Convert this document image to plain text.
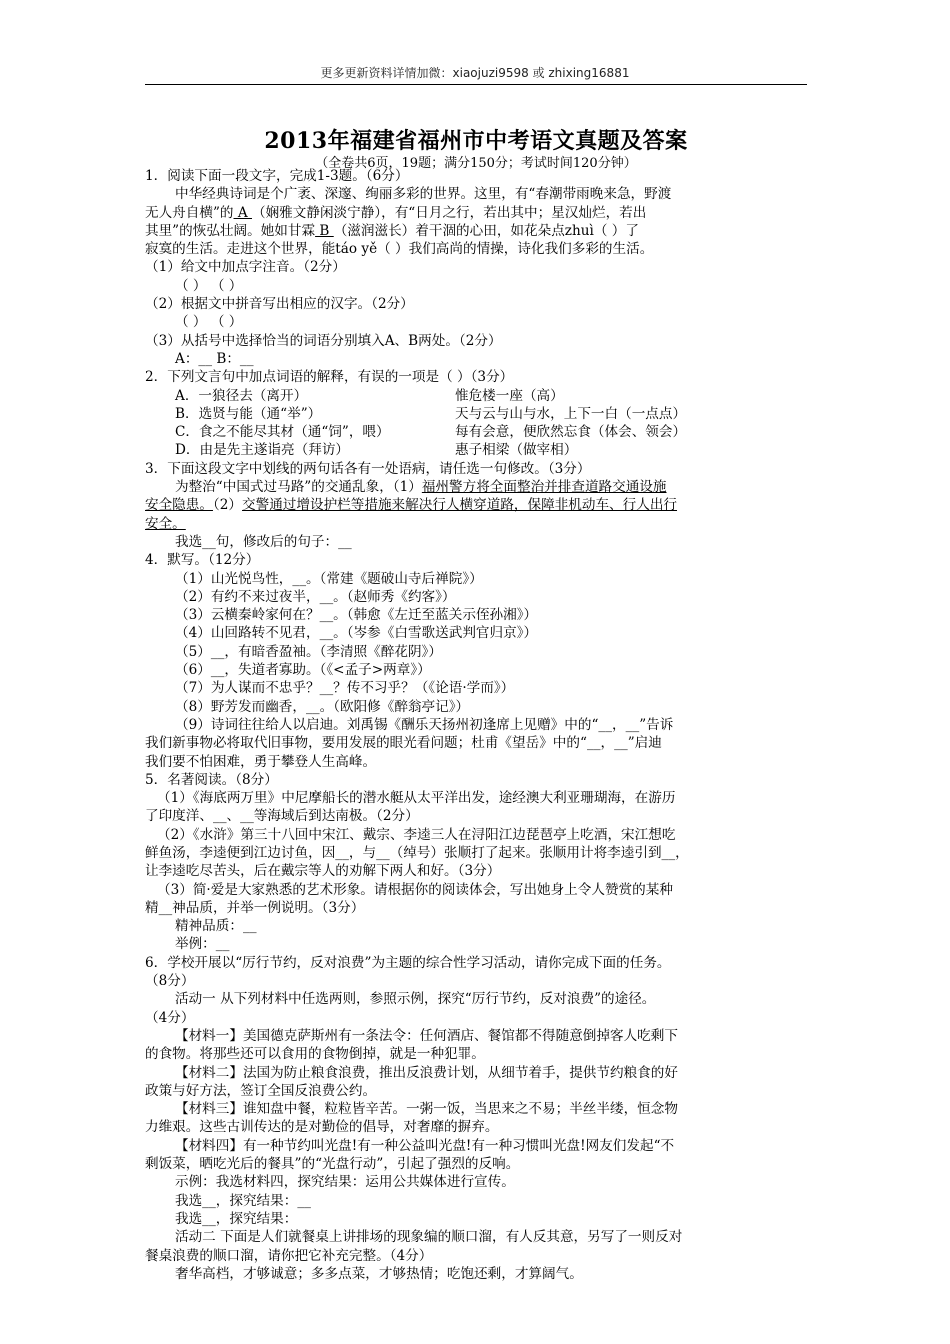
更多更新资料详情加微：xiaojuzi9598 或 zhixing16881
2013年福建省福州市中考语文真题及答案
（全卷共6页，19题；满分150分；考试时间120分钟）

1．阅读下面一段文字，完成1-3题。（6分）

中华经典诗词是个广袤、深邃、绚丽多彩的世界。这里，有“春潮带雨晚来急，野渡

无人舟自横”的 A （娴雅文静闲淡宁静），有“日月之行，若出其中；星汉灿烂，若出

其里”的恢弘壮阔。她如甘霖 B （滋润滋长）着干涸的心田，如花朵点zhuì（ ）了

寂寞的生活。走进这个世界，能táo yě（ ）我们高尚的情操，诗化我们多彩的生活。

（1）给文中加点字注音。（2分）

（ ） （ ）

（2）根据文中拼音写出相应的汉字。（2分）

（ ） （ ）

（3）从括号中选择恰当的词语分别填入A、B两处。（2分）

A：__ B：__

2．下列文言句中加点词语的解释，有误的一项是（ ）（3分）

A．一狼径去（离开）	惟危楼一座（高）

B．选贤与能（通“举”）	天与云与山与水，上下一白（一点点）

C．食之不能尽其材（通“饲”，喂）	每有会意，便欣然忘食（体会、领会）

D．由是先主遂诣亮（拜访）	惠子相梁（做宰相）

3．下面这段文字中划线的两句话各有一处语病，请任选一句修改。（3分）

为整治“中国式过马路”的交通乱象，（1）福州警方将全面整治并排查道路交通设施

安全隐患。（2）交警通过增设护栏等措施来解决行人横穿道路，保障非机动车、行人出行

安全。

我选__句，修改后的句子：__

4．默写。（12分）

（1）山光悦鸟性，__。（常建《题破山寺后禅院》）

（2）有约不来过夜半，__。（赵师秀《约客》）

（3）云横秦岭家何在？__。（韩愈《左迁至蓝关示侄孙湘》）

（4）山回路转不见君，__。（岑参《白雪歌送武判官归京》）

（5）__，有暗香盈袖。（李清照《醉花阴》）

（6）__，失道者寡助。（《<孟子>两章》）

（7）为人谋而不忠乎？__？传不习乎？（《论语·学而》）

（8）野芳发而幽香，__。（欧阳修《醉翁亭记》）

（9）诗词往往给人以启迪。刘禹锡《酬乐天扬州初逢席上见赠》中的“__，__”告诉

我们新事物必将取代旧事物，要用发展的眼光看问题；杜甫《望岳》中的“__，__”启迪

我们要不怕困难，勇于攀登人生高峰。

5．名著阅读。（8分）

（1）《海底两万里》中尼摩船长的潜水艇从太平洋出发，途经澳大利亚珊瑚海，在游历

了印度洋、__、__等海域后到达南极。（2分）

（2）《水浒》第三十八回中宋江、戴宗、李逵三人在浔阳江边琵琶亭上吃酒，宋江想吃

鲜鱼汤，李逵便到江边讨鱼，因__，与__（绰号）张顺打了起来。张顺用计将李逵引到__，

让李逵吃尽苦头，后在戴宗等人的劝解下两人和好。（3分）

（3）简·爱是大家熟悉的艺术形象。请根据你的阅读体会，写出她身上令人赞赏的某种

精__神品质，并举一例说明。（3分）

精神品质：__

举例：__

6．学校开展以“厉行节约，反对浪费”为主题的综合性学习活动，请你完成下面的任务。

（8分）

活动一 从下列材料中任选两则，参照示例，探究“厉行节约，反对浪费”的途径。

（4分）

【材料一】美国德克萨斯州有一条法令：任何酒店、餐馆都不得随意倒掉客人吃剩下

的食物。将那些还可以食用的食物倒掉，就是一种犯罪。

【材料二】法国为防止粮食浪费，推出反浪费计划，从细节着手，提供节约粮食的好

政策与好方法，签订全国反浪费公约。

【材料三】谁知盘中餐，粒粒皆辛苦。一粥一饭，当思来之不易；半丝半缕，恒念物

力维艰。这些古训传达的是对勤俭的倡导，对奢靡的摒弃。

【材料四】有一种节约叫光盘!有一种公益叫光盘!有一种习惯叫光盘!网友们发起“不

剩饭菜，晒吃光后的餐具”的“光盘行动”，引起了强烈的反响。

示例：我选材料四，探究结果：运用公共媒体进行宣传。

我选__，探究结果：__

我选__，探究结果：

活动二 下面是人们就餐桌上讲排场的现象编的顺口溜，有人反其意，另写了一则反对

餐桌浪费的顺口溜，请你把它补充完整。（4分）

奢华高档，才够诚意；多多点菜，才够热情；吃饱还剩，才算阔气。
